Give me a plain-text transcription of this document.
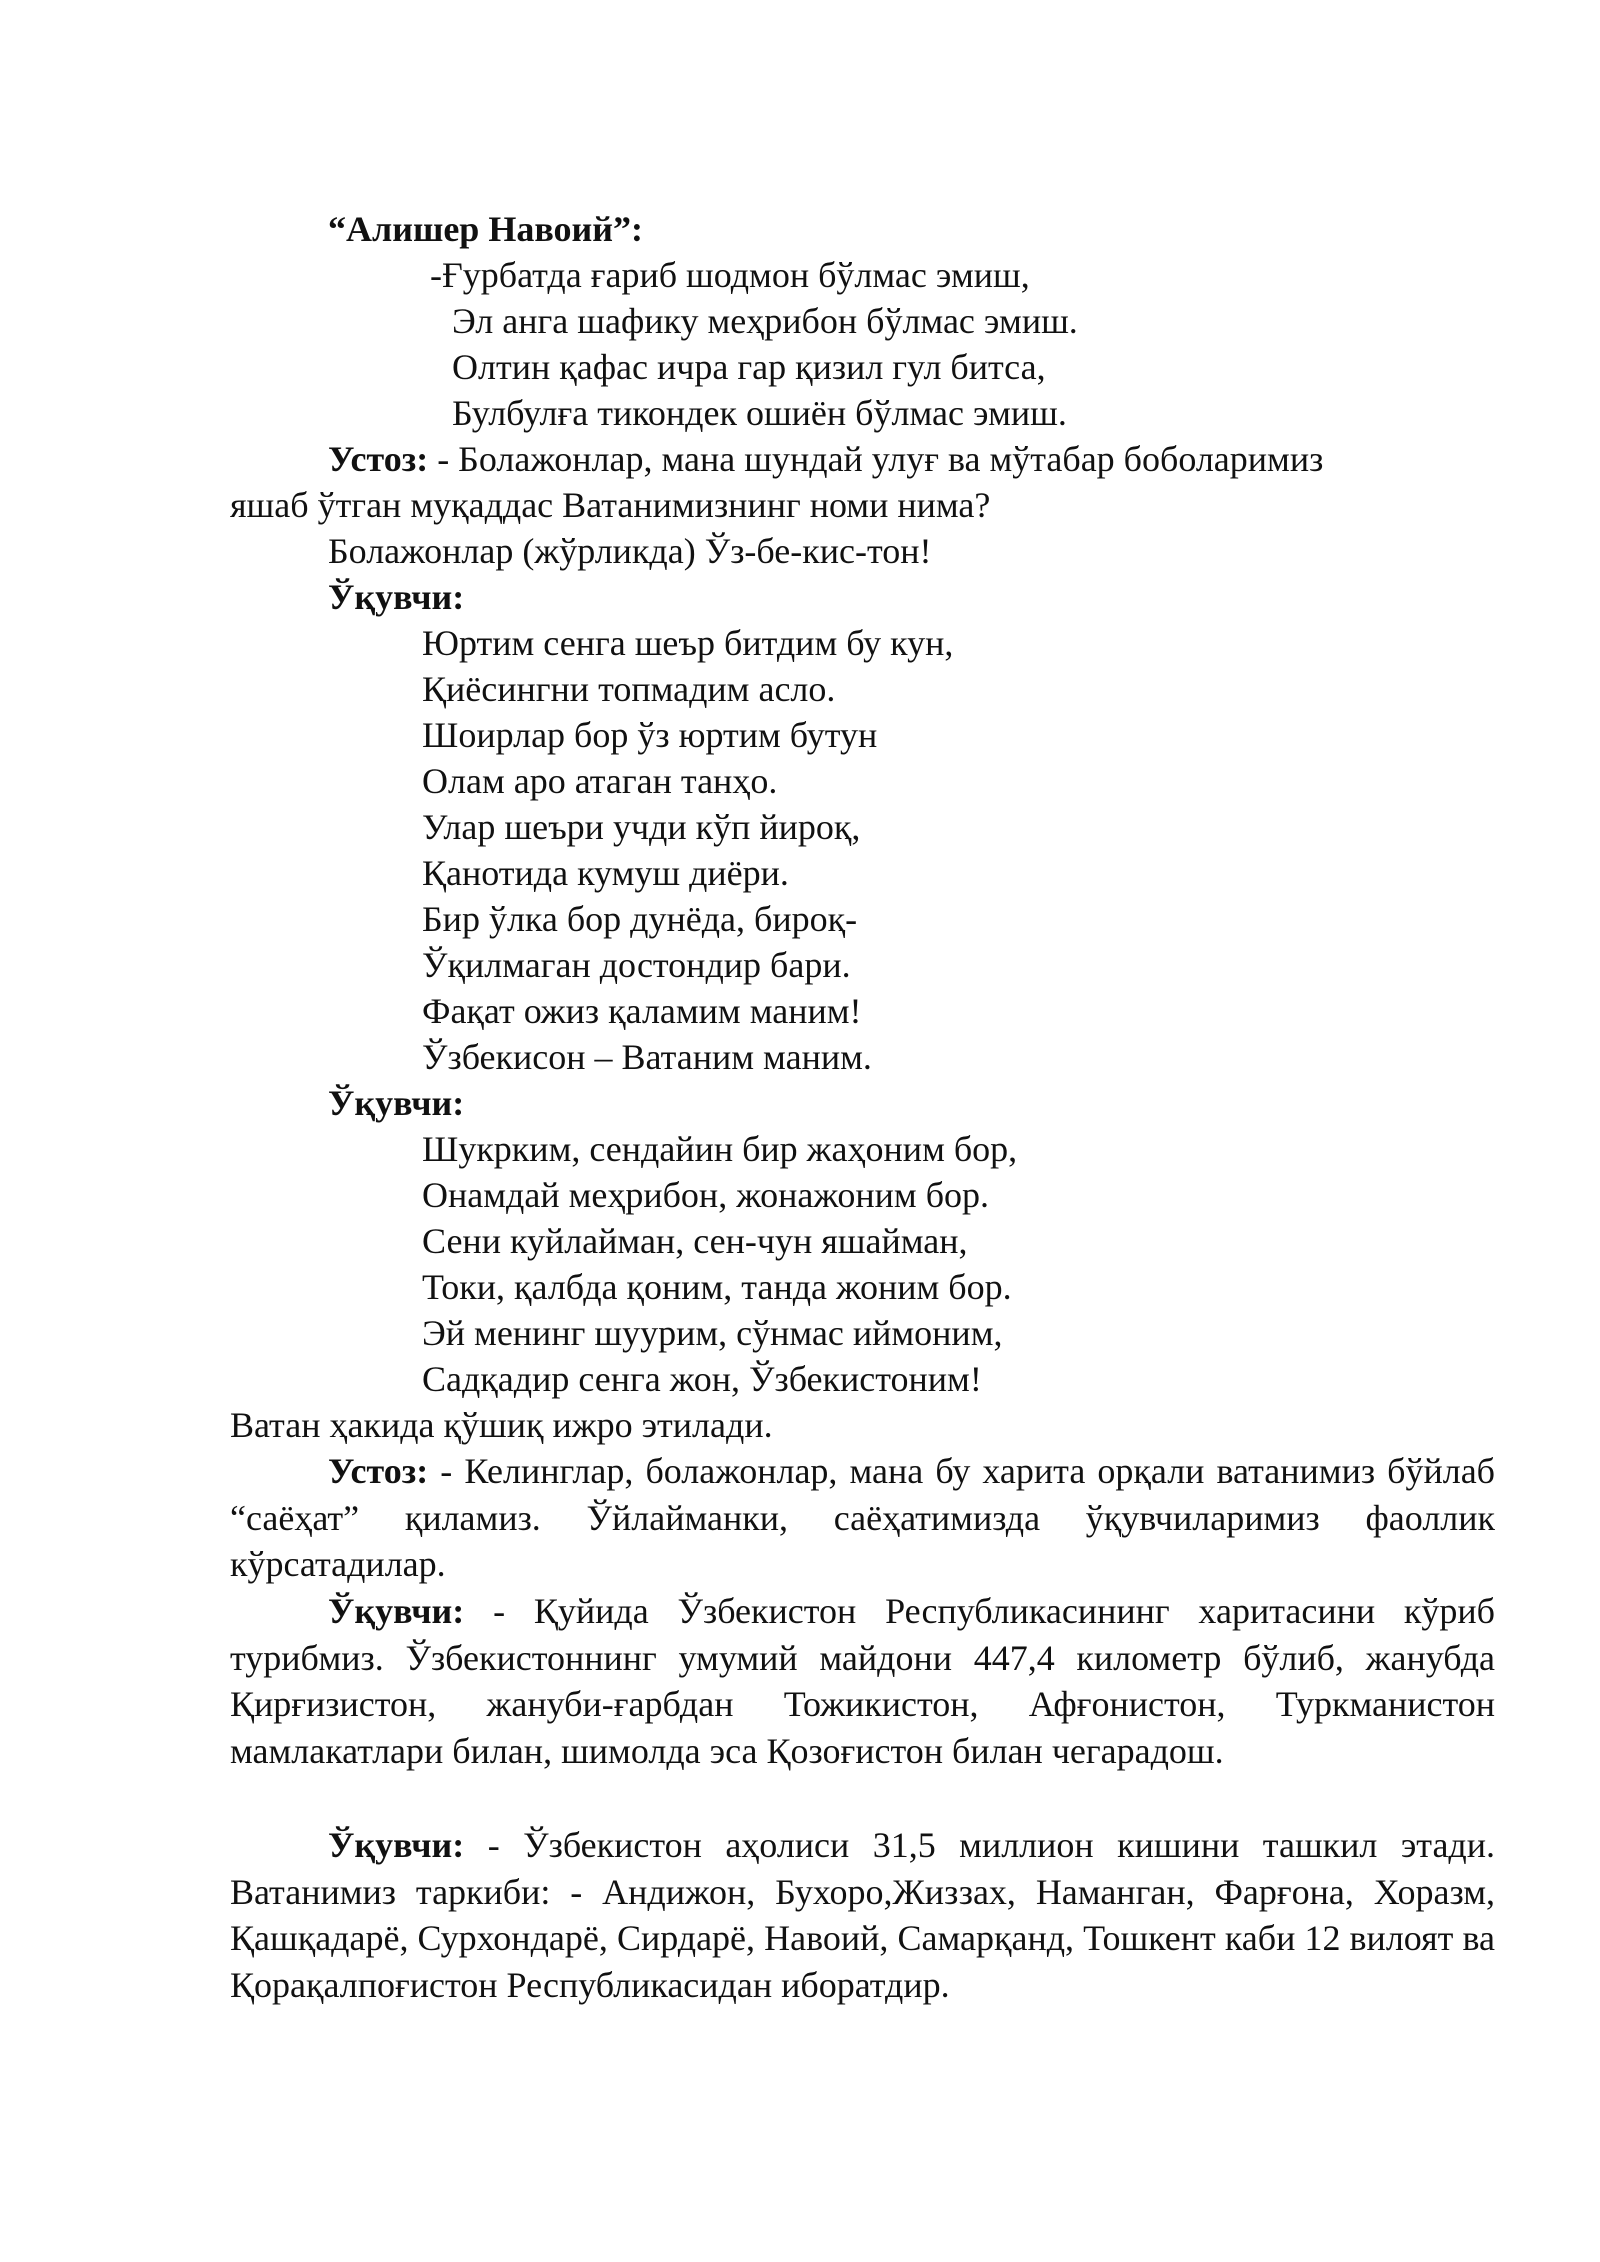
“Алишер Навоий”:
-Ғурбатда ғариб шодмон бўлмас эмиш,
Эл анга шафику меҳрибон бўлмас эмиш.
Олтин қафас ичра гар қизил гул битса,
Булбулға тикондек ошиён бўлмас эмиш.
Устоз: - Болажонлар, мана шундай улуғ ва мўтабар боболаримиз
яшаб ўтган муқаддас Ватанимизнинг номи нима?
Болажонлар (жўрликда) Ўз-бе-кис-тон!
Ўқувчи:
Юртим сенга шеър битдим бу кун,
Қиёсингни топмадим асло.
Шоирлар бор ўз юртим бутун
Олам аро атаган танҳо.
Улар шеъри учди кўп йироқ,
Қанотида кумуш диёри.
Бир ўлка бор дунёда, бироқ-
Ўқилмаган достондир бари.
Фақат ожиз қаламим маним!
Ўзбекисон – Ватаним маним.
Ўқувчи:
Шукрким, сендайин бир жаҳоним бор,
Онамдай меҳрибон, жонажоним бор.
Сени куйлайман, сен-чун яшайман,
Токи, қалбда қоним, танда жоним бор.
Эй менинг шуурим, сўнмас иймоним,
Садқадир сенга жон, Ўзбекистоним!
Ватан ҳакида қўшиқ ижро этилади.

Устоз: - Келинглар, болажонлар, мана бу харита орқали ватанимиз бўйлаб “саёҳат” қиламиз. Ўйлайманки, саёҳатимизда ўқувчиларимиз фаоллик кўрсатадилар.

Ўқувчи: - Қуйида Ўзбекистон Республикасининг харитасини кўриб турибмиз. Ўзбекистоннинг умумий майдони 447,4 километр бўлиб, жанубда Қирғизистон, жануби-ғарбдан Тожикистон, Афғонистон, Туркманистон мамлакатлари билан, шимолда эса Қозоғистон билан чегарадош.

Ўқувчи: - Ўзбекистон аҳолиси 31,5 миллион кишини ташкил этади. Ватанимиз таркиби: - Андижон, Бухоро,Жиззах, Наманган, Фарғона, Хоразм, Қашқадарё, Сурхондарё, Сирдарё, Навоий, Самарқанд, Тошкент каби 12 вилоят ва Қорақалпоғистон Республикасидан иборатдир.
